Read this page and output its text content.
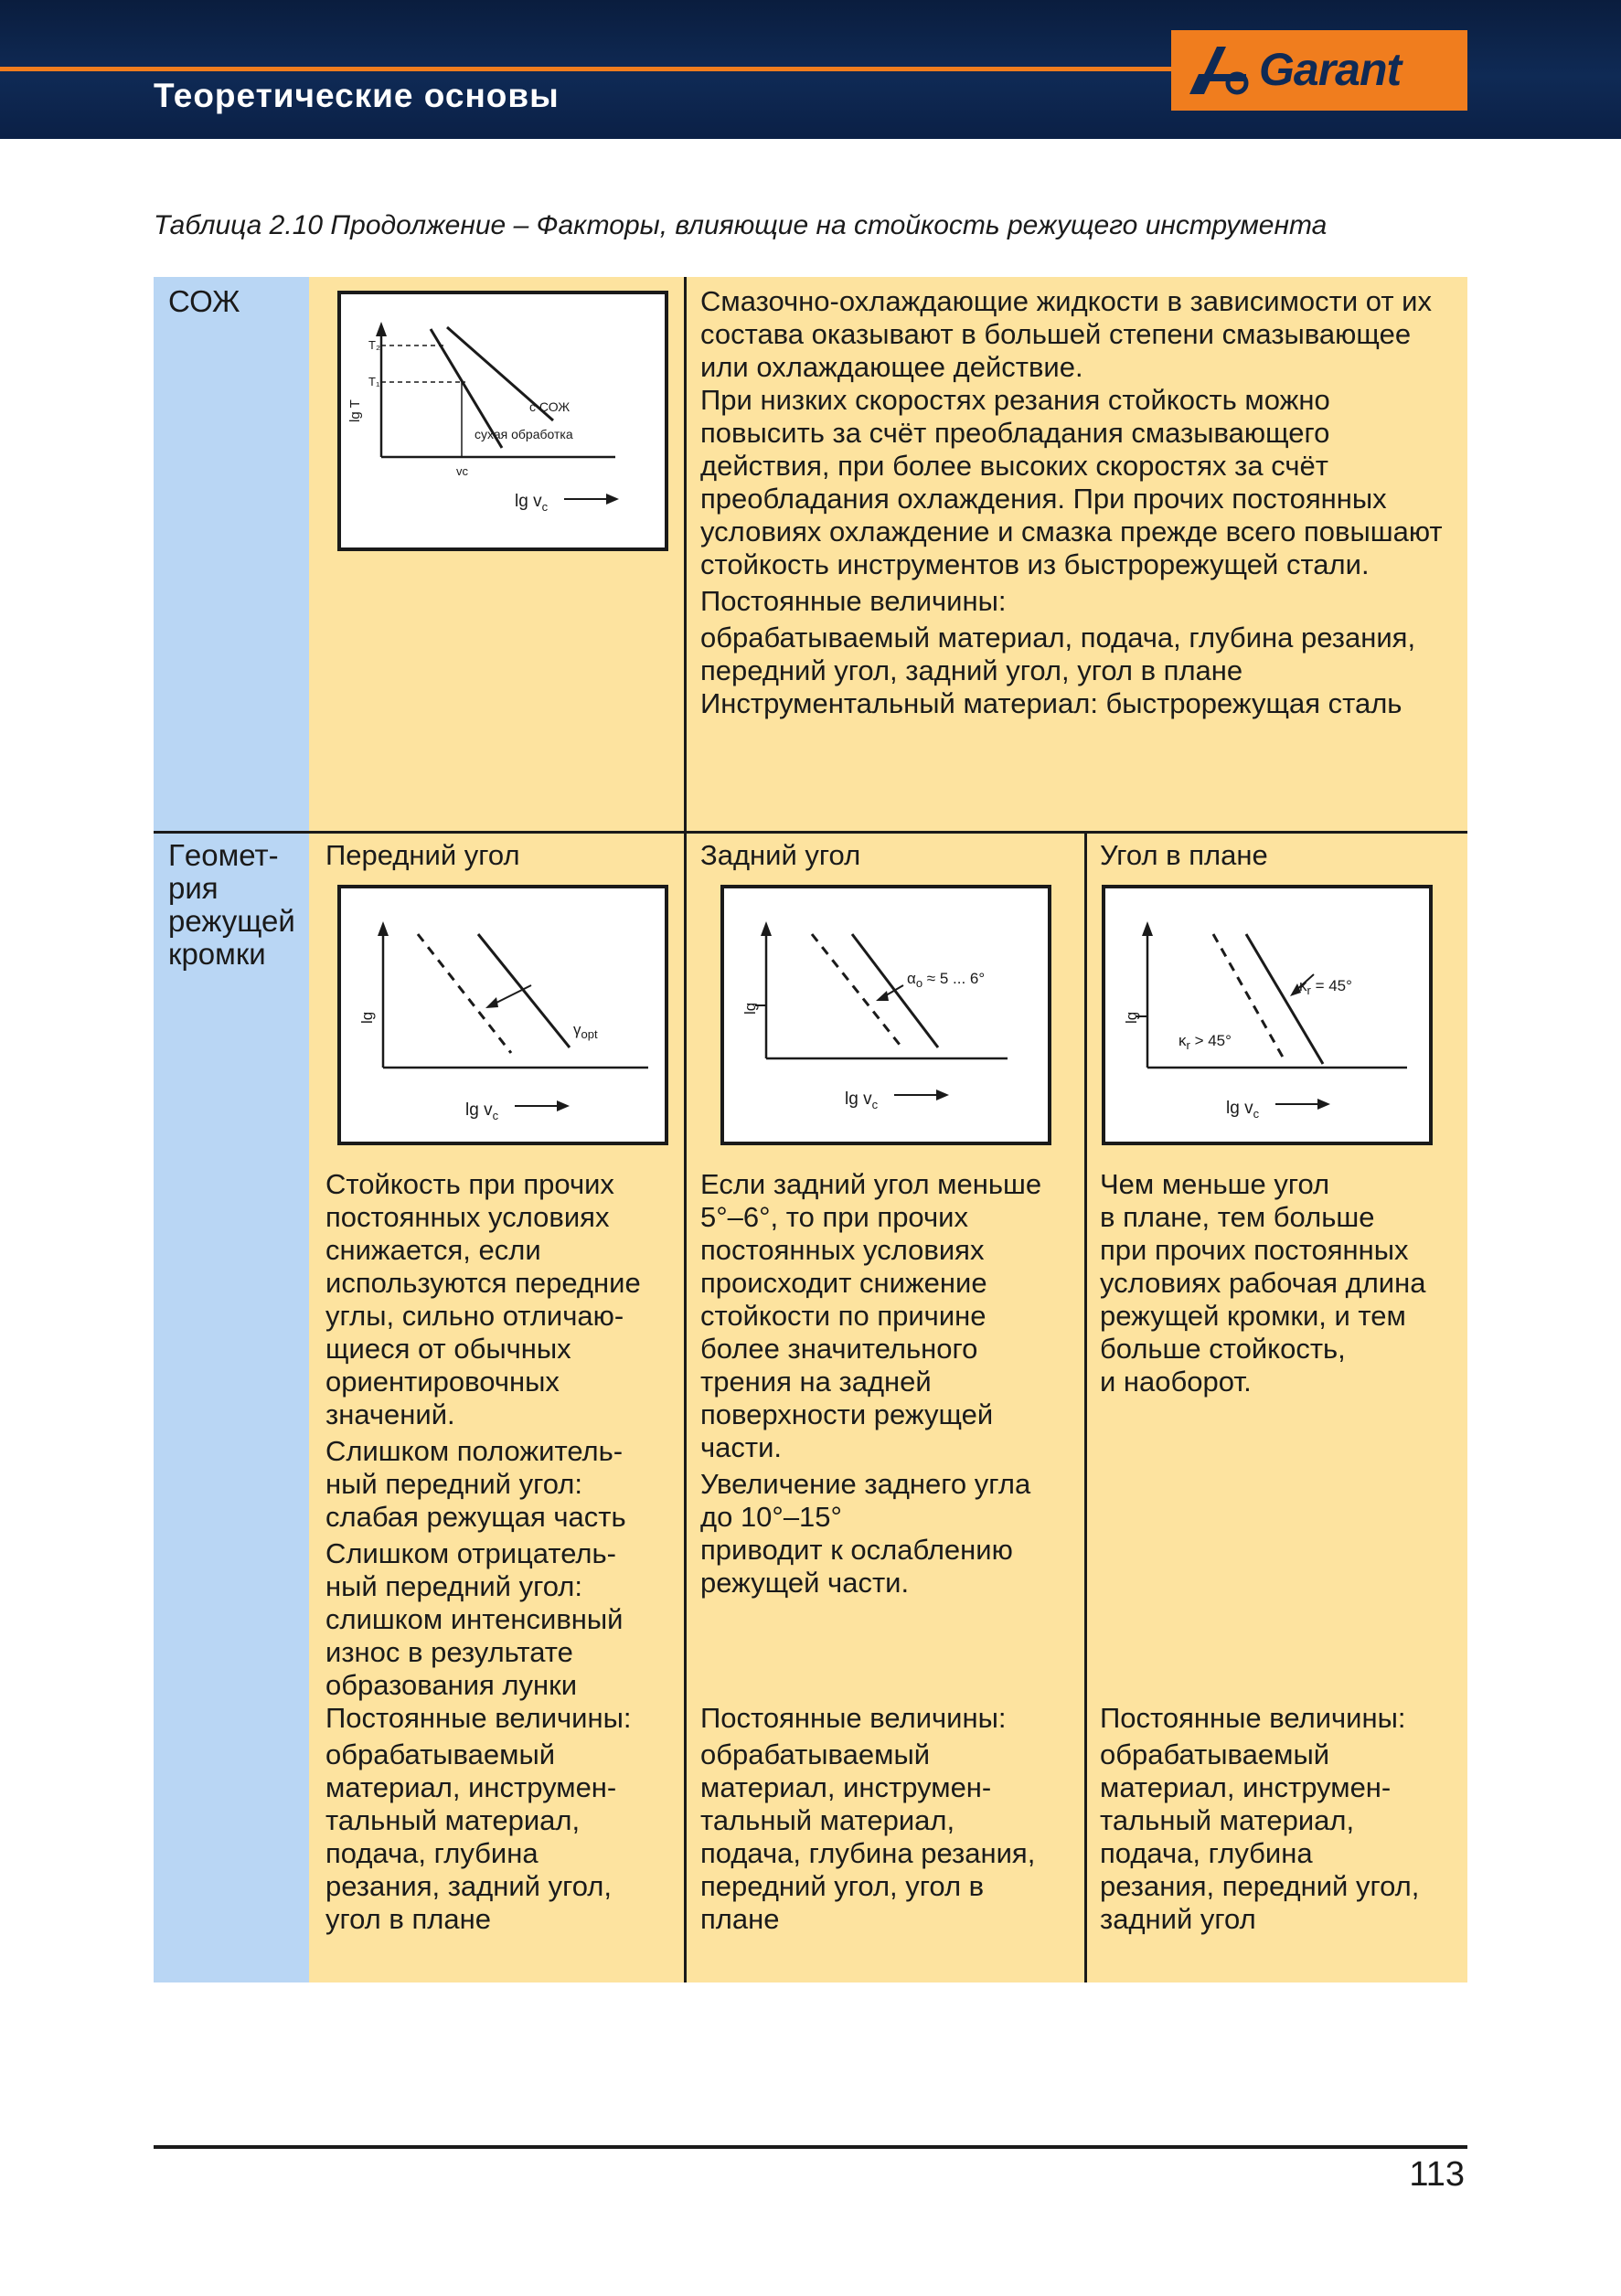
Теоретические основы
Garant
Таблица 2.10 Продолжение – Факторы, влияющие на стойкость режущего инструмента
СОЖ
lg T
T₂
T₁
с СОЖ
сухая обработка
vᴄ
$\lg v_c$

Смазочно-охлаждающие жидкости в зависимости от их состава оказывают в большей степени смазывающее или охлаждающее действие.

При низких скоростях резания стойкость можно повысить за счёт преобладания смазывающего действия, при более высоких скоростях за счёт преобладания охлаждения. При прочих постоянных условиях охлаждение и смазка прежде всего повышают стойкость инструментов из быстрорежущей стали.

Постоянные величины:

обрабатываемый материал, подача, глубина резания, передний угол, задний угол, угол в плане

Инструментальный материал: быстрорежущая сталь

Гeомет-

рия

режущей

кромки

Передний угол	Задний угол	Угол в плане
lg
$\gamma_{opt}$
$\lg v_c$
lg
$\alpha_o \approx 5$ ... 6°
$\lg v_c$
lg
$\kappa_r = 45^\circ$
$\kappa_r > 45^\circ$
$\lg v_c$

Стойкость при прочих

постоянных условиях

снижается, если

используются передние

углы, сильно отличаю-

щиеся от обычных

ориентировочных

значений.

Слишком положитель-

ный передний угол:

слабая режущая часть

Слишком отрицатель-

ный передний угол:

слишком интенсивный

износ в результате

образования лунки

Постоянные величины:

обрабатываемый

материал, инструмен-

тальный материал,

подача, глубина

резания, задний угол,

угол в плане

Если задний угол меньше

5°–6°, то при прочих

постоянных условиях

происходит снижение

стойкости по причине

более значительного

трения на задней

поверхности режущей

части.

Увеличение заднего угла

до 10°–15°

приводит к ослаблению

режущей части.

Постоянные величины:

обрабатываемый

материал, инструмен-

тальный материал,

подача, глубина резания,

передний угол, угол в

плане

Чем меньше угол

в плане, тем больше

при прочих постоянных

условиях рабочая длина

режущей кромки, и тем

больше стойкость,

и наоборот.

Постоянные величины:

обрабатываемый

материал, инструмен-

тальный материал,

подача, глубина

резания, передний угол,

задний угол

113
